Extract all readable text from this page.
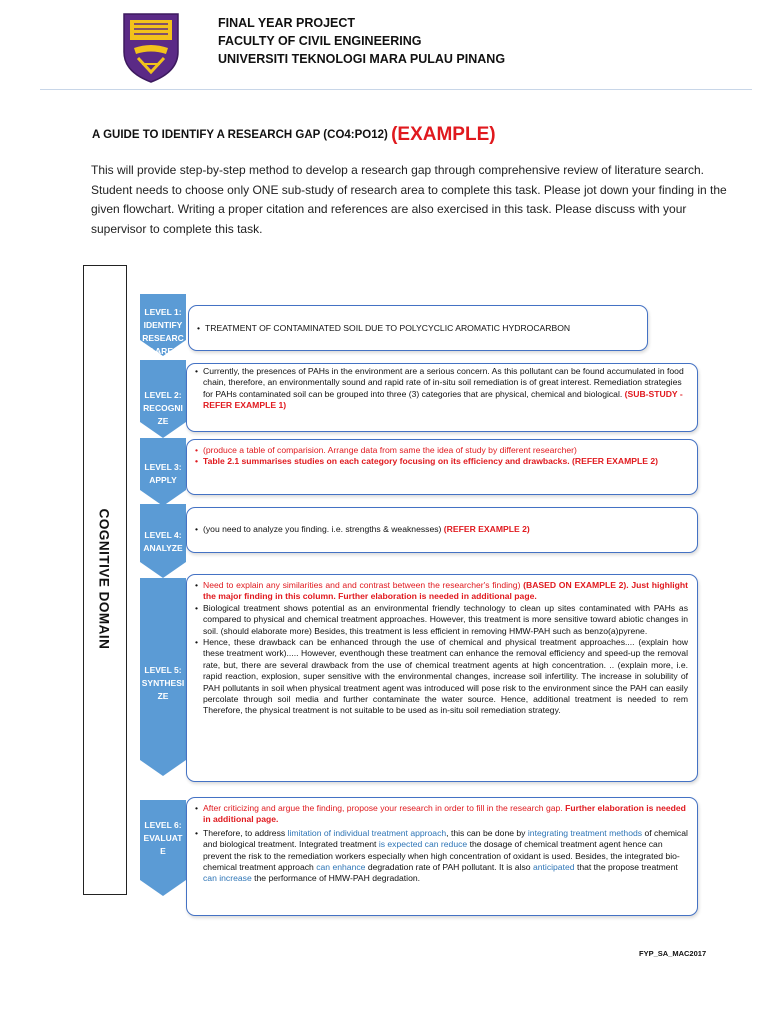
FINAL YEAR PROJECT
FACULTY OF CIVIL ENGINEERING
UNIVERSITI TEKNOLOGI MARA PULAU PINANG
A GUIDE TO IDENTIFY A RESEARCH GAP (CO4:PO12) (EXAMPLE)
This will provide step-by-step method to develop a research gap through comprehensive review of literature search. Student needs to choose only ONE sub-study of research area to complete this task. Please jot down your finding in the given flowchart. Writing a proper citation and references are also exercised in this task. Please discuss with your supervisor to complete this task.
COGNITIVE DOMAIN
LEVEL 1: IDENTIFY RESEARC H AREA
LEVEL 2: RECOGNI ZE
LEVEL 3: APPLY
LEVEL 4: ANALYZE
LEVEL 5: SYNTHESI ZE
LEVEL 6: EVALUAT E
• TREATMENT OF CONTAMINATED SOIL DUE TO POLYCYCLIC AROMATIC HYDROCARBON
• Currently, the presences of PAHs in the environment are a serious concern. As this pollutant can be found accumulated in food chain, therefore, an environmentally sound and rapid rate of in-situ soil remediation is of great interest. Remediation strategies for PAHs contaminated soil can be grouped into three (3) categories that are physical, chemical and biological. (SUB-STUDY - REFER EXAMPLE 1)
• (produce a table of comparision. Arrange data from same the idea of study by different researcher)
• Table 2.1 summarises studies on each category focusing on its efficiency and drawbacks. (REFER EXAMPLE 2)
• (you need to analyze you finding. i.e. strengths & weaknesses) (REFER EXAMPLE 2)
• Need to explain any similarities and and contrast between the researcher's finding) (BASED ON EXAMPLE 2). Just highlight the major finding in this column. Further elaboration is needed in additional page.
• Biological treatment shows potential as an environmental friendly technology to clean up sites contaminated with PAHs as compared to physical and chemical treatment approaches. However, this treatment is more sensitive toward abiotic changes in soil. (should elaborate more) Besides, this treatment is less efficient in removing HMW-PAH such as benzo(a)pyrene.
• Hence, these drawback can be enhanced through the use of chemical and physical treatment approaches.... (explain how these treatment work)..... However, eventhough these treatment can enhance the removal efficiency and speed-up the removal rate, but, there are several drawback from the use of chemical treatment agents at high concentration. .. (explain more, i.e. rapid reaction, explosion, super sensitive with the environmental changes, increase soil infertility. The increase in solubility of PAH pollutants in soil when physical treatment agent was introduced will pose risk to the environment since the PAH can easily percolate through soil media and further contaminate the water source. Hence, additional treatment is needed to rem Therefore, the physical treatment is not suitable to be used as in-situ soil remediation strategy.
• After criticizing and argue the finding, propose your research in order to fill in the research gap. Further elaboration is needed in additional page.
• Therefore, to address limitation of individual treatment approach, this can be done by integrating treatment methods of chemical and biological treatment. Integrated treatment is expected can reduce the dosage of chemical treatment agent hence can prevent the risk to the remediation workers especially when high concentration of oxidant is used. Besides, the integrated bio-chemical treatment approach can enhance degradation rate of PAH pollutant. It is also anticipated that the propose treatment can increase the performance of HMW-PAH degradation.
FYP_SA_MAC2017
